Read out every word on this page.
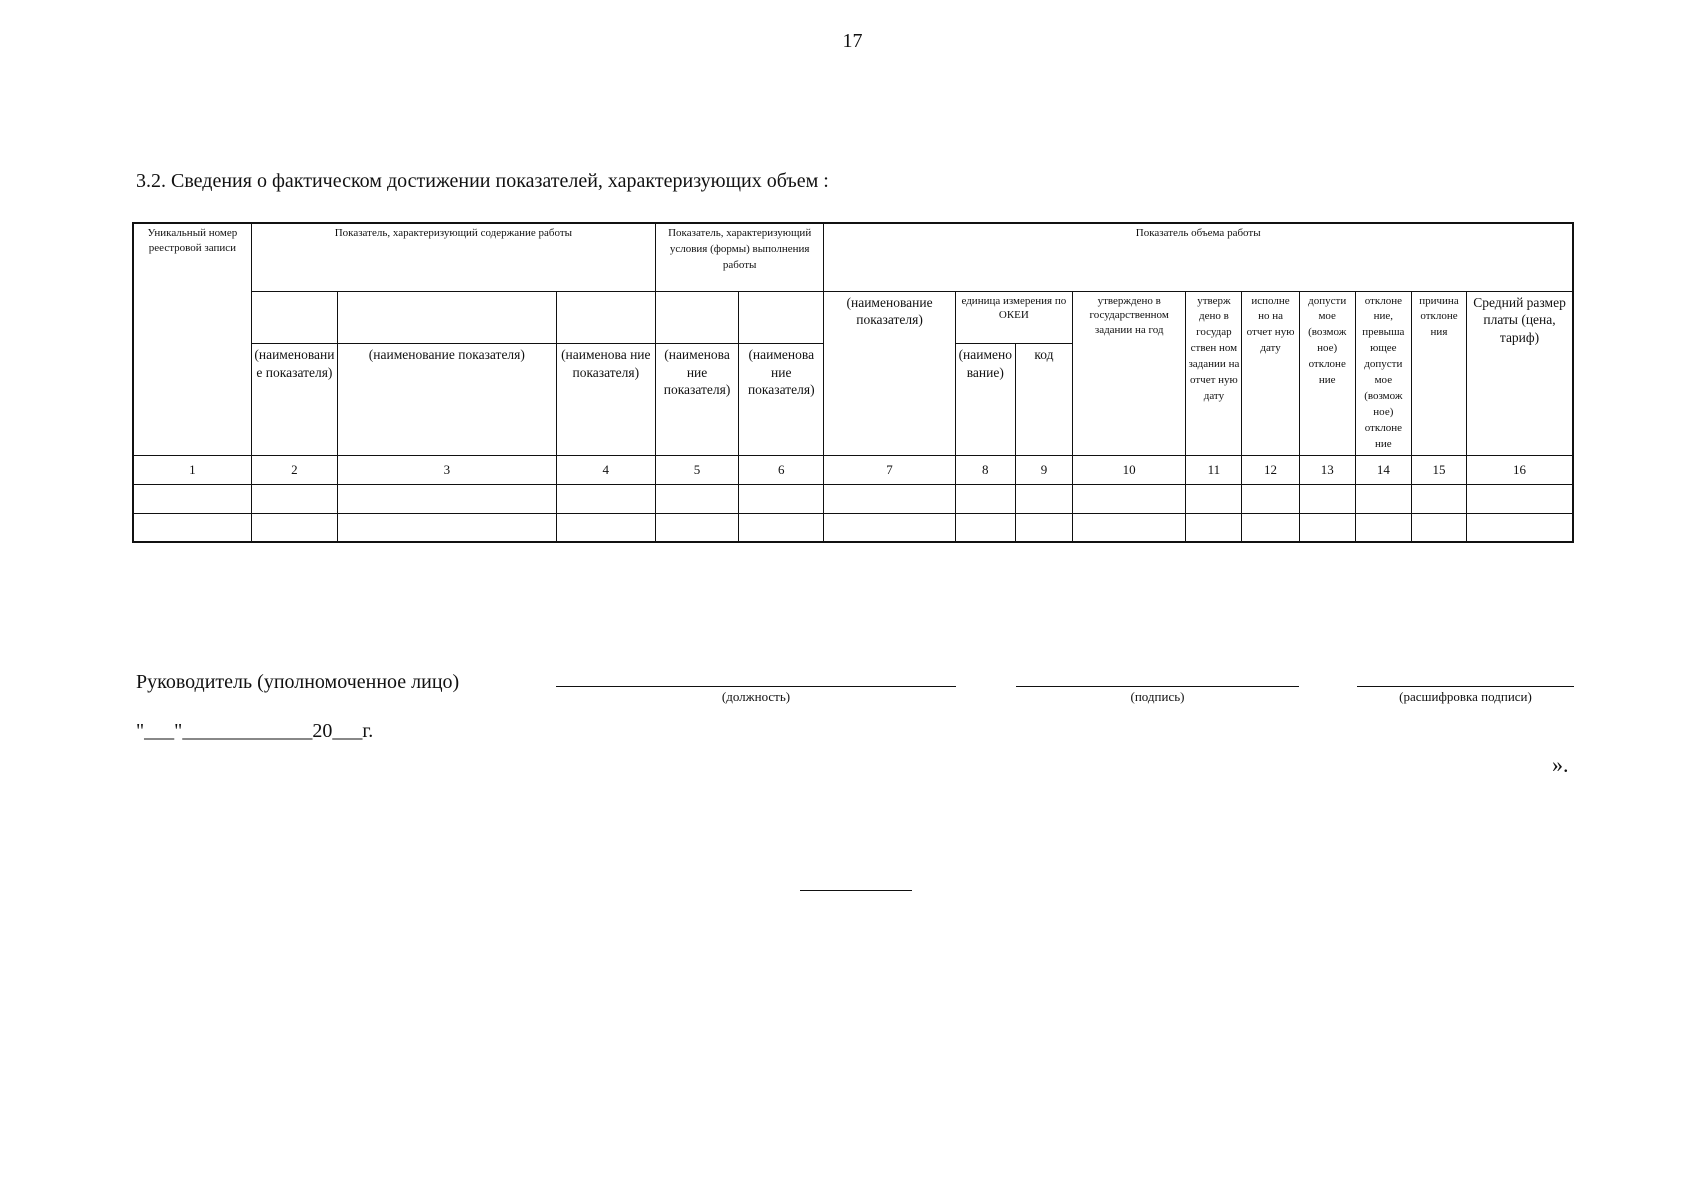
17
3.2. Сведения о фактическом достижении показателей, характеризующих объем :
Уникальный номер реестровой записи	Показатель, характеризующий содержание работы			Показатель, характеризующий условия (формы) выполнения работы		Показатель объема работы									
						(наименование показателя)	единица измерения по ОКЕИ		утверждено в государственном задании на год	утверж дено в государ ствен ном задании на отчет ную дату	исполне но на отчет ную дату	допусти мое (возмож ное) отклоне ние	отклоне ние, превыша ющее допусти мое (возмож ное) отклоне ние	причина отклоне ния	Средний размер платы (цена, тариф)
	(наименование показателя)	(наименование показателя)	(наименова ние показателя)	(наименова ние показателя)	(наименова ние показателя)		(наимено вание)	код							
1	2	3	4	5	6	7	8	9	10	11	12	13	14	15	16

Руководитель (уполномоченное лицо)
(должность)	(подпись)	(расшифровка подписи)
"___"_____________20___г.
».
